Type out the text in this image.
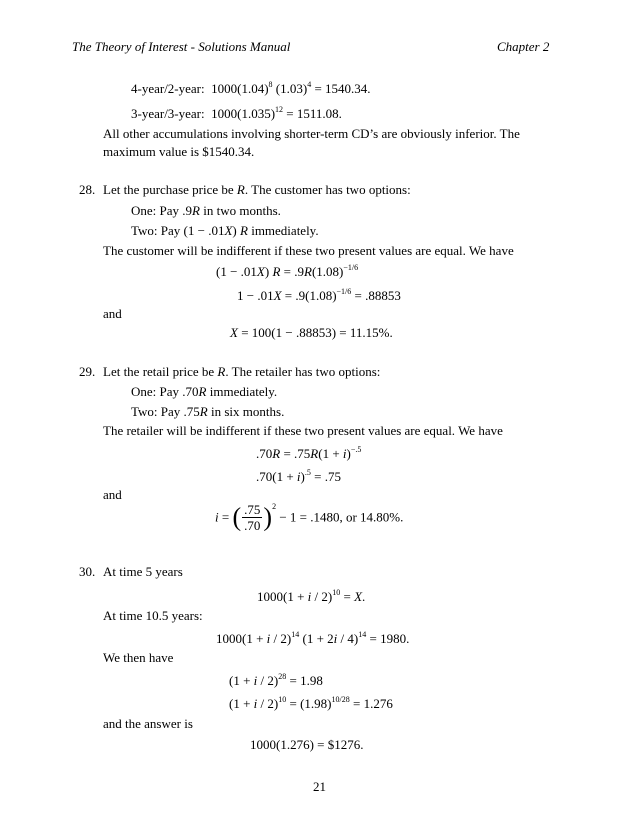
The Theory of Interest - Solutions Manual	Chapter 2
4-year/2-year: $1000(1.04)^8$ $(1.03)^4 = 1540.34$.
3-year/3-year: $1000(1.035)^{12} = 1511.08$.
All other accumulations involving shorter-term CD’s are obviously inferior. The
maximum value is $1540.34.
28. Let the purchase price be R. The customer has two options:
One: Pay .9R in two months.
Two: Pay (1 − .01X) R immediately.
The customer will be indifferent if these two present values are equal. We have
(1 − .01X) $R = .9R(1.08)^{-1/6}$
$1 - .01X = .9(1.08)^{-1/6} = .88853$
and
X = 100(1 − .88853) = 11.15%.
29. Let the retail price be R. The retailer has two options:
One: Pay .70R immediately.
Two: Pay .75R in six months.
The retailer will be indifferent if these two present values are equal. We have
$.70R = .75R(1 + i)^{-.5}$
$.70(1 + i)^{.5} = .75$
and
i = ( $\frac{.75}{.70} )^2 - 1 = .1480$, or 14.80%.
30. At time 5 years
$1000(1 + i / 2)^{10} = X$.
At time 10.5 years:
$1000(1 + i / 2)^{14}$ $(1 + 2i / 4)^{14} = 1980$.
We then have
$(1 + i / 2)^{28} = 1.98$
$(1 + i / 2)^{10} = (1.98)^{10/28} = 1.276$
and the answer is
1000(1.276) = $1276.
21
